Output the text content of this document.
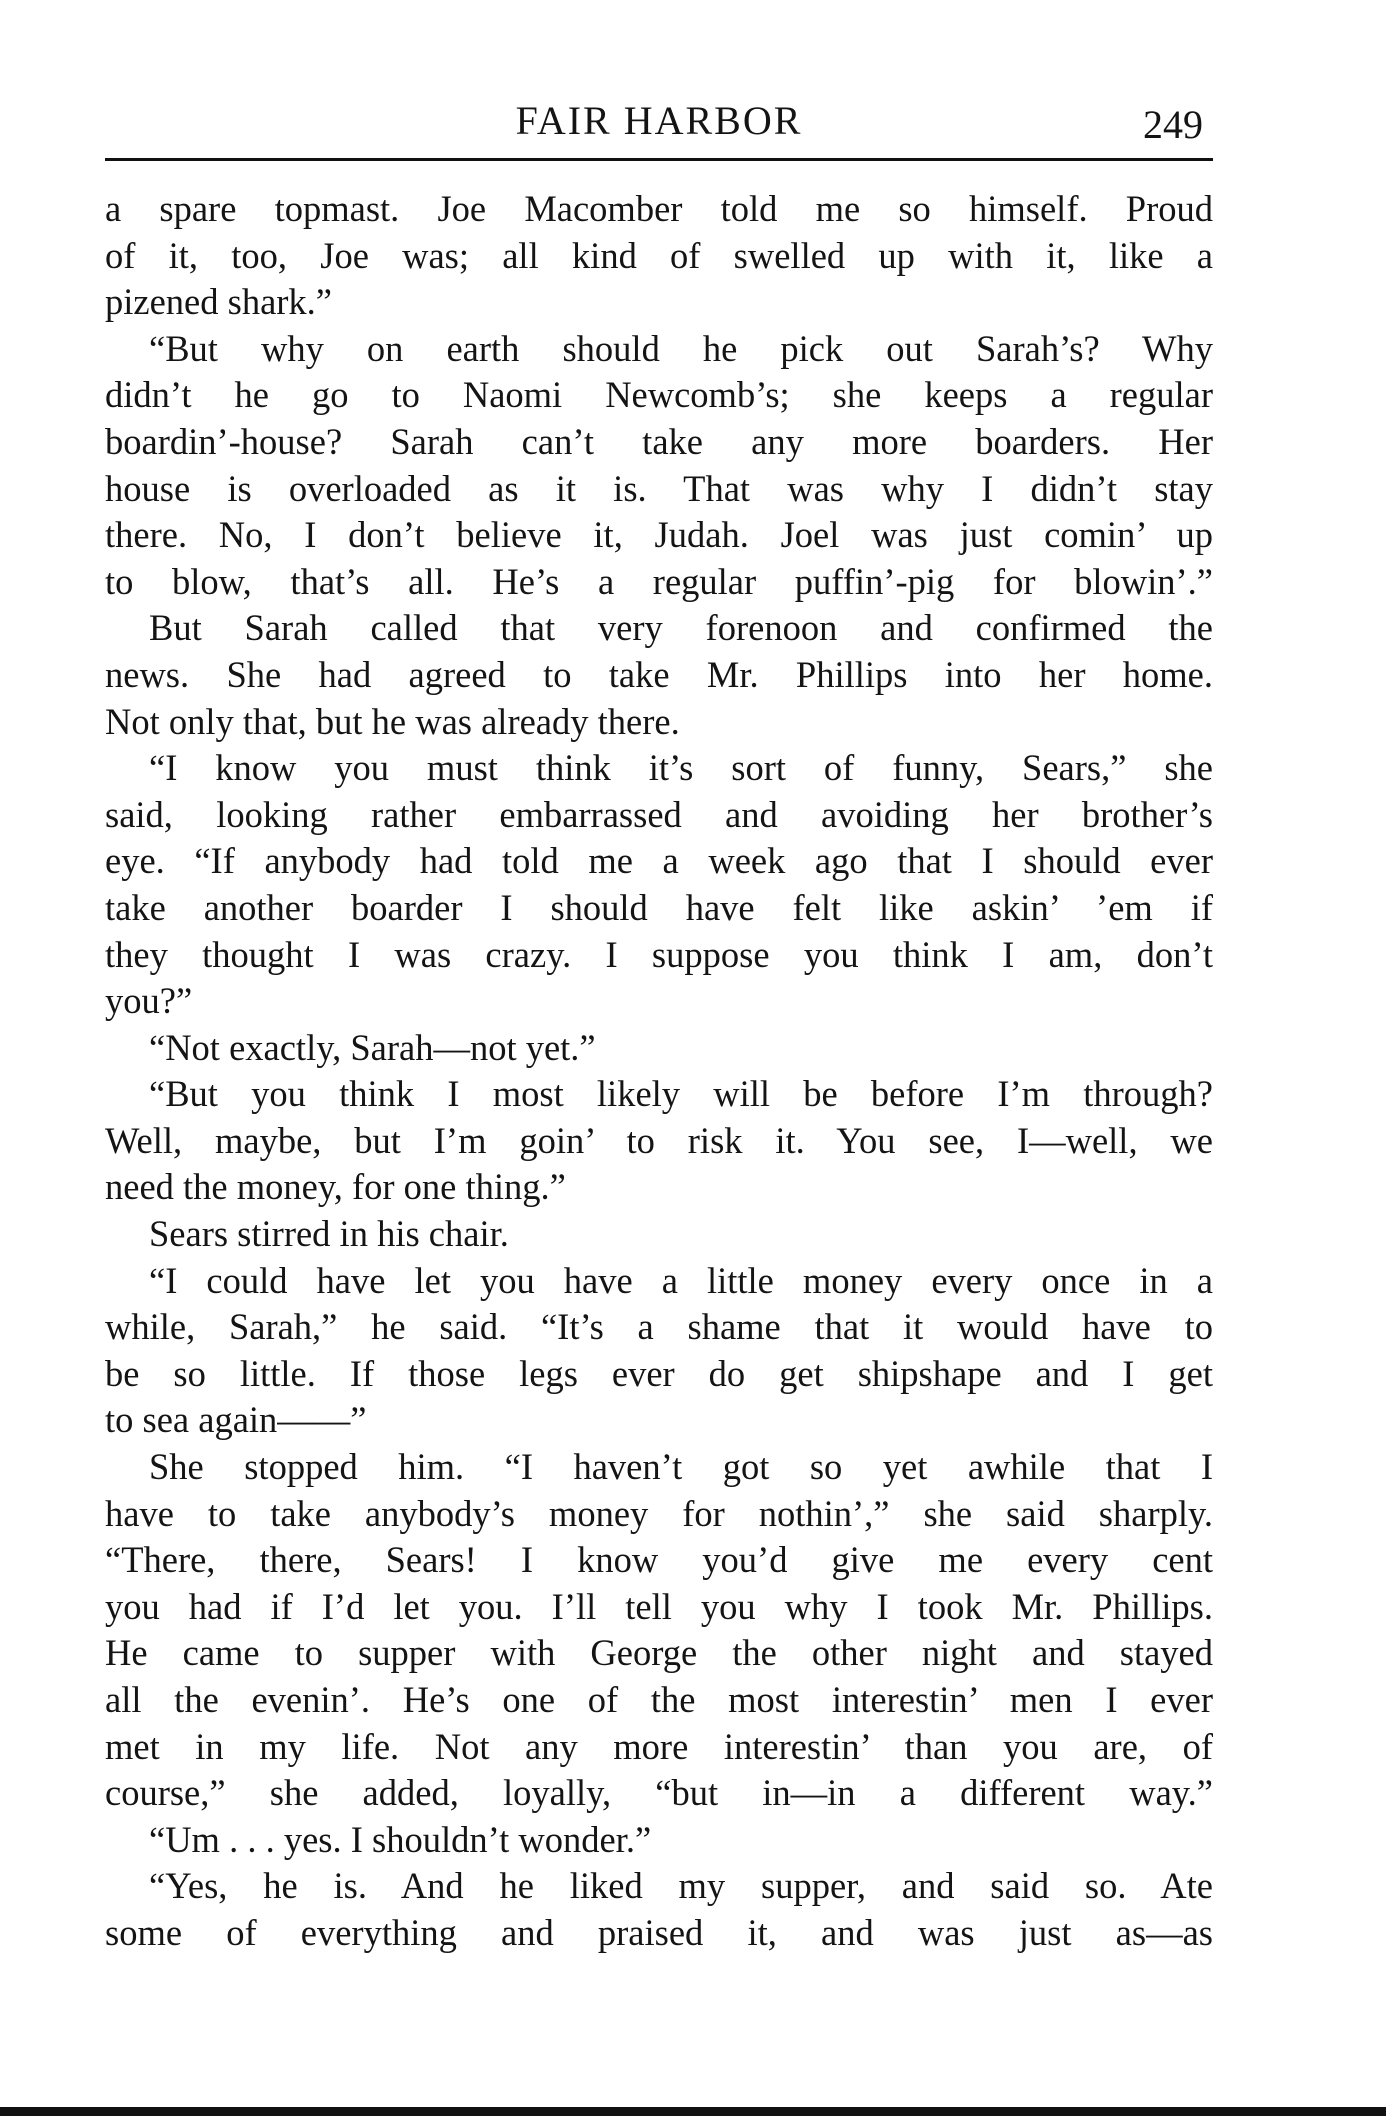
FAIR HARBOR	249
a spare topmast. Joe Macomber told me so himself. Proud
of it, too, Joe was; all kind of swelled up with it, like a
pizened shark.”
“But why on earth should he pick out Sarah’s? Why
didn’t he go to Naomi Newcomb’s; she keeps a regular
boardin’-house? Sarah can’t take any more boarders. Her
house is overloaded as it is. That was why I didn’t stay
there. No, I don’t believe it, Judah. Joel was just comin’ up
to blow, that’s all. He’s a regular puffin’-pig for blowin’.”
But Sarah called that very forenoon and confirmed the
news. She had agreed to take Mr. Phillips into her home.
Not only that, but he was already there.
“I know you must think it’s sort of funny, Sears,” she
said, looking rather embarrassed and avoiding her brother’s
eye. “If anybody had told me a week ago that I should ever
take another boarder I should have felt like askin’ ’em if
they thought I was crazy. I suppose you think I am, don’t
you?”
“Not exactly, Sarah—not yet.”
“But you think I most likely will be before I’m through?
Well, maybe, but I’m goin’ to risk it. You see, I—well, we
need the money, for one thing.”
Sears stirred in his chair.
“I could have let you have a little money every once in a
while, Sarah,” he said. “It’s a shame that it would have to
be so little. If those legs ever do get shipshape and I get
to sea again——”
She stopped him. “I haven’t got so yet awhile that I
have to take anybody’s money for nothin’,” she said sharply.
“There, there, Sears! I know you’d give me every cent
you had if I’d let you. I’ll tell you why I took Mr. Phillips.
He came to supper with George the other night and stayed
all the evenin’. He’s one of the most interestin’ men I ever
met in my life. Not any more interestin’ than you are, of
course,” she added, loyally, “but in—in a different way.”
“Um . . . yes. I shouldn’t wonder.”
“Yes, he is. And he liked my supper, and said so. Ate
some of everything and praised it, and was just as—as
